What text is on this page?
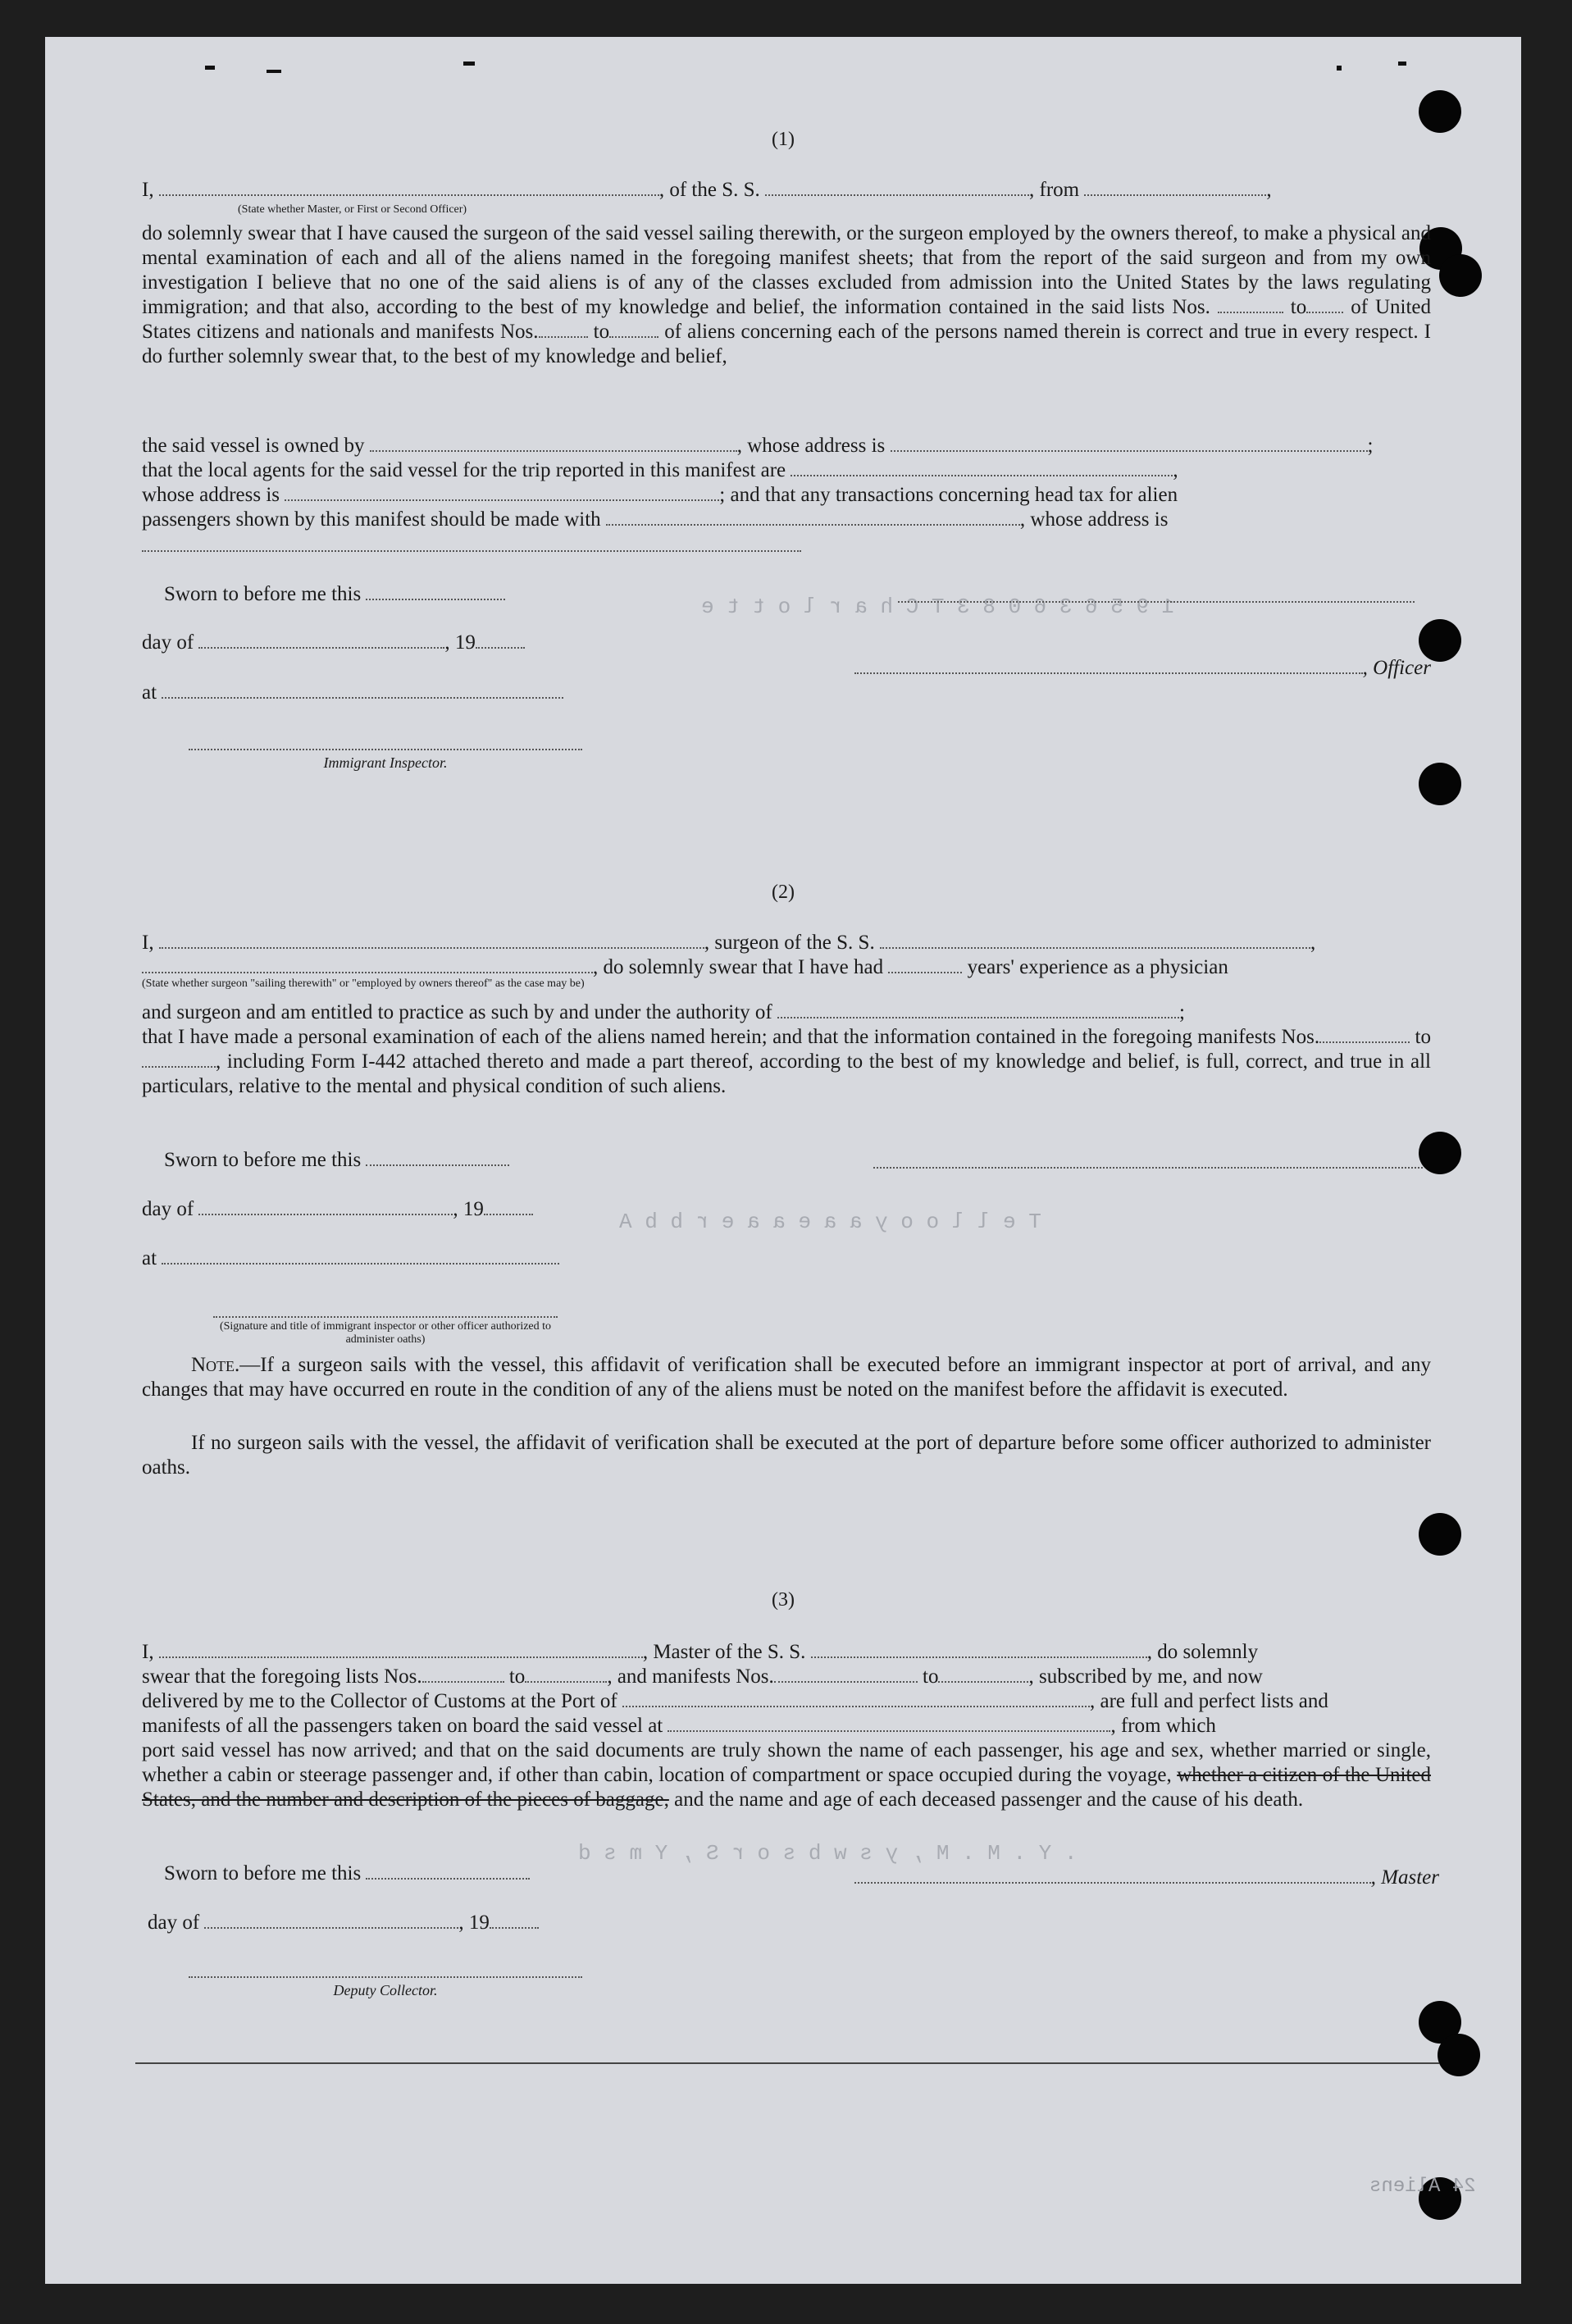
1 9 5 6 3 6 0 8 3 T C h a r l o t t e
T e l l o o y a a e a a e r b b A
. Y . M . M , y s w b s o r S , Y m s d
(1)
I,	, of the S. S.	, from	,
(State whether Master, or First or Second Officer)
do solemnly swear that I have caused the surgeon of the said vessel sailing therewith, or the surgeon employed by the owners thereof, to make a physical and mental examination of each and all of the aliens named in the foregoing manifest sheets; that from the report of the said surgeon and from my own investigation I believe that no one of the said aliens is of any of the classes excluded from admission into the United States by the laws regulating immigration; and that also, according to the best of my knowledge and belief, the information contained in the said lists Nos.	to of United States citizens and nationals and manifests Nos.	to	of aliens concerning each of the persons named therein is correct and true in every respect. I do further solemnly swear that, to the best of my knowledge and belief,
the said vessel is owned by	, whose address is	;
that the local agents for the said vessel for the trip reported in this manifest are	,
whose address is	; and that any transactions concerning head tax for alien
passengers shown by this manifest should be made with	, whose address is
Sworn to before me this
day of	, 19
, Officer
at
Immigrant Inspector.
(2)
I,	, surgeon of the S. S.	,
, do solemnly swear that I have had	years' experience as a physician
(State whether surgeon "sailing therewith" or "employed by owners thereof" as the case may be)
and surgeon and am entitled to practice as such by and under the authority of	;
that I have made a personal examination of each of the aliens named herein; and that the information contained in the foregoing manifests Nos.	to, including Form I-442 attached thereto and made a part thereof, according to the best of my knowledge and belief, is full, correct, and true in all particulars, relative to the mental and physical condition of such aliens.
Sworn to before me this
day of	, 19
at
(Signature and title of immigrant inspector or other officer authorized to administer oaths)
Note.—If a surgeon sails with the vessel, this affidavit of verification shall be executed before an immigrant inspector at port of arrival, and any changes that may have occurred en route in the condition of any of the aliens must be noted on the manifest before the affidavit is executed.
If no surgeon sails with the vessel, the affidavit of verification shall be executed at the port of departure before some officer authorized to administer oaths.
(3)
I,	, Master of the S. S.	, do solemnly
swear that the foregoing lists Nos.	to	, and manifests Nos.	to	, subscribed by me, and now
delivered by me to the Collector of Customs at the Port of	, are full and perfect lists and
manifests of all the passengers taken on board the said vessel at	, from which
port said vessel has now arrived; and that on the said documents are truly shown the name of each passenger, his age and sex, whether married or single, whether a cabin or steerage passenger and, if other than cabin, location of compartment or space occupied during the voyage, whether a citizen of the United States, and the number and description of the pieces of baggage, and the name and age of each deceased passenger and the cause of his death.
Sworn to before me this	, Master
day of	, 19
Deputy Collector.
24 Aliens
